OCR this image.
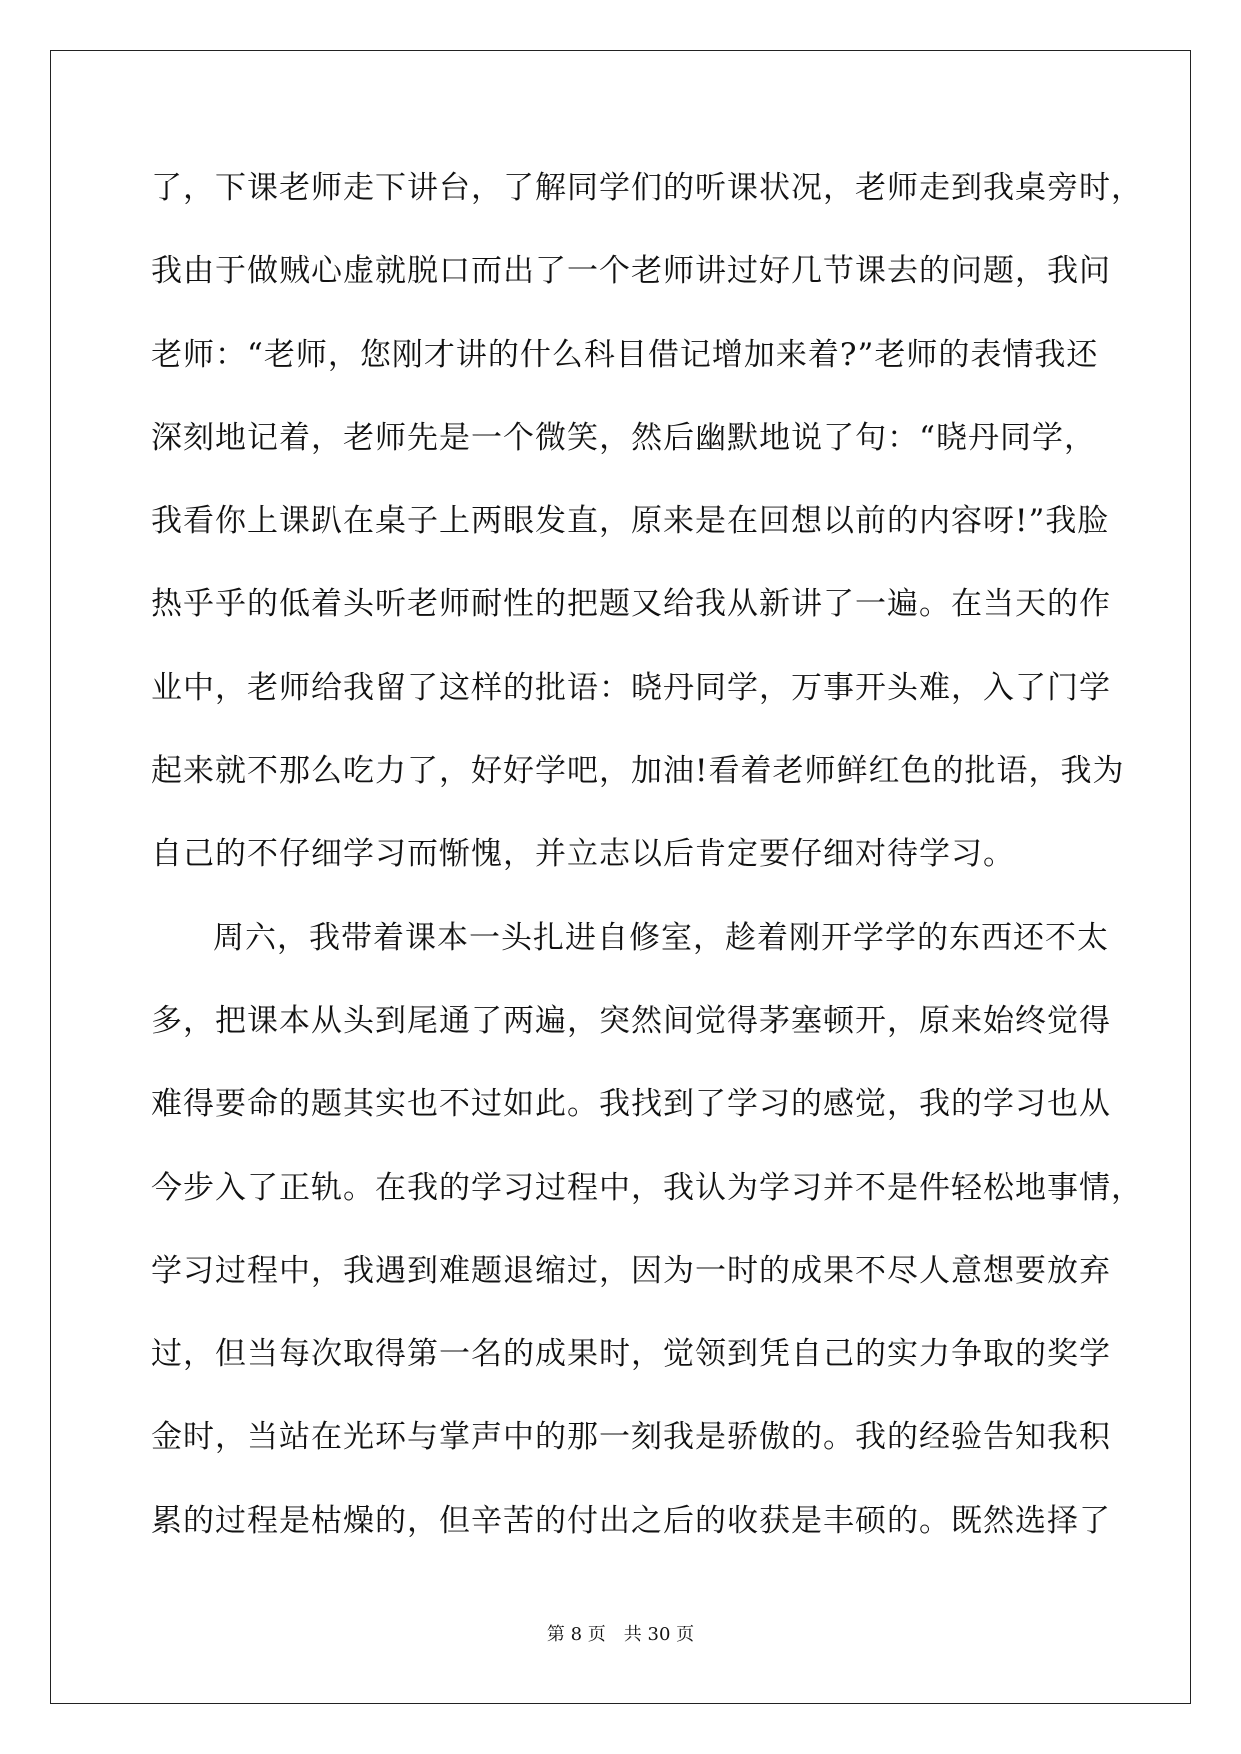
了，下课老师走下讲台，了解同学们的听课状况，老师走到我桌旁时，
我由于做贼心虚就脱口而出了一个老师讲过好几节课去的问题，我问
老师：“老师，您刚才讲的什么科目借记增加来着?”老师的表情我还
深刻地记着，老师先是一个微笑，然后幽默地说了句：“晓丹同学，
我看你上课趴在桌子上两眼发直，原来是在回想以前的内容呀!”我脸
热乎乎的低着头听老师耐性的把题又给我从新讲了一遍。在当天的作
业中，老师给我留了这样的批语：晓丹同学，万事开头难，入了门学
起来就不那么吃力了，好好学吧，加油!看着老师鲜红色的批语，我为
自己的不仔细学习而惭愧，并立志以后肯定要仔细对待学习。
周六，我带着课本一头扎进自修室，趁着刚开学学的东西还不太
多，把课本从头到尾通了两遍，突然间觉得茅塞顿开，原来始终觉得
难得要命的题其实也不过如此。我找到了学习的感觉，我的学习也从
今步入了正轨。在我的学习过程中，我认为学习并不是件轻松地事情，
学习过程中，我遇到难题退缩过，因为一时的成果不尽人意想要放弃
过，但当每次取得第一名的成果时，觉领到凭自己的实力争取的奖学
金时，当站在光环与掌声中的那一刻我是骄傲的。我的经验告知我积
累的过程是枯燥的，但辛苦的付出之后的收获是丰硕的。既然选择了
第 8 页 共 30 页
